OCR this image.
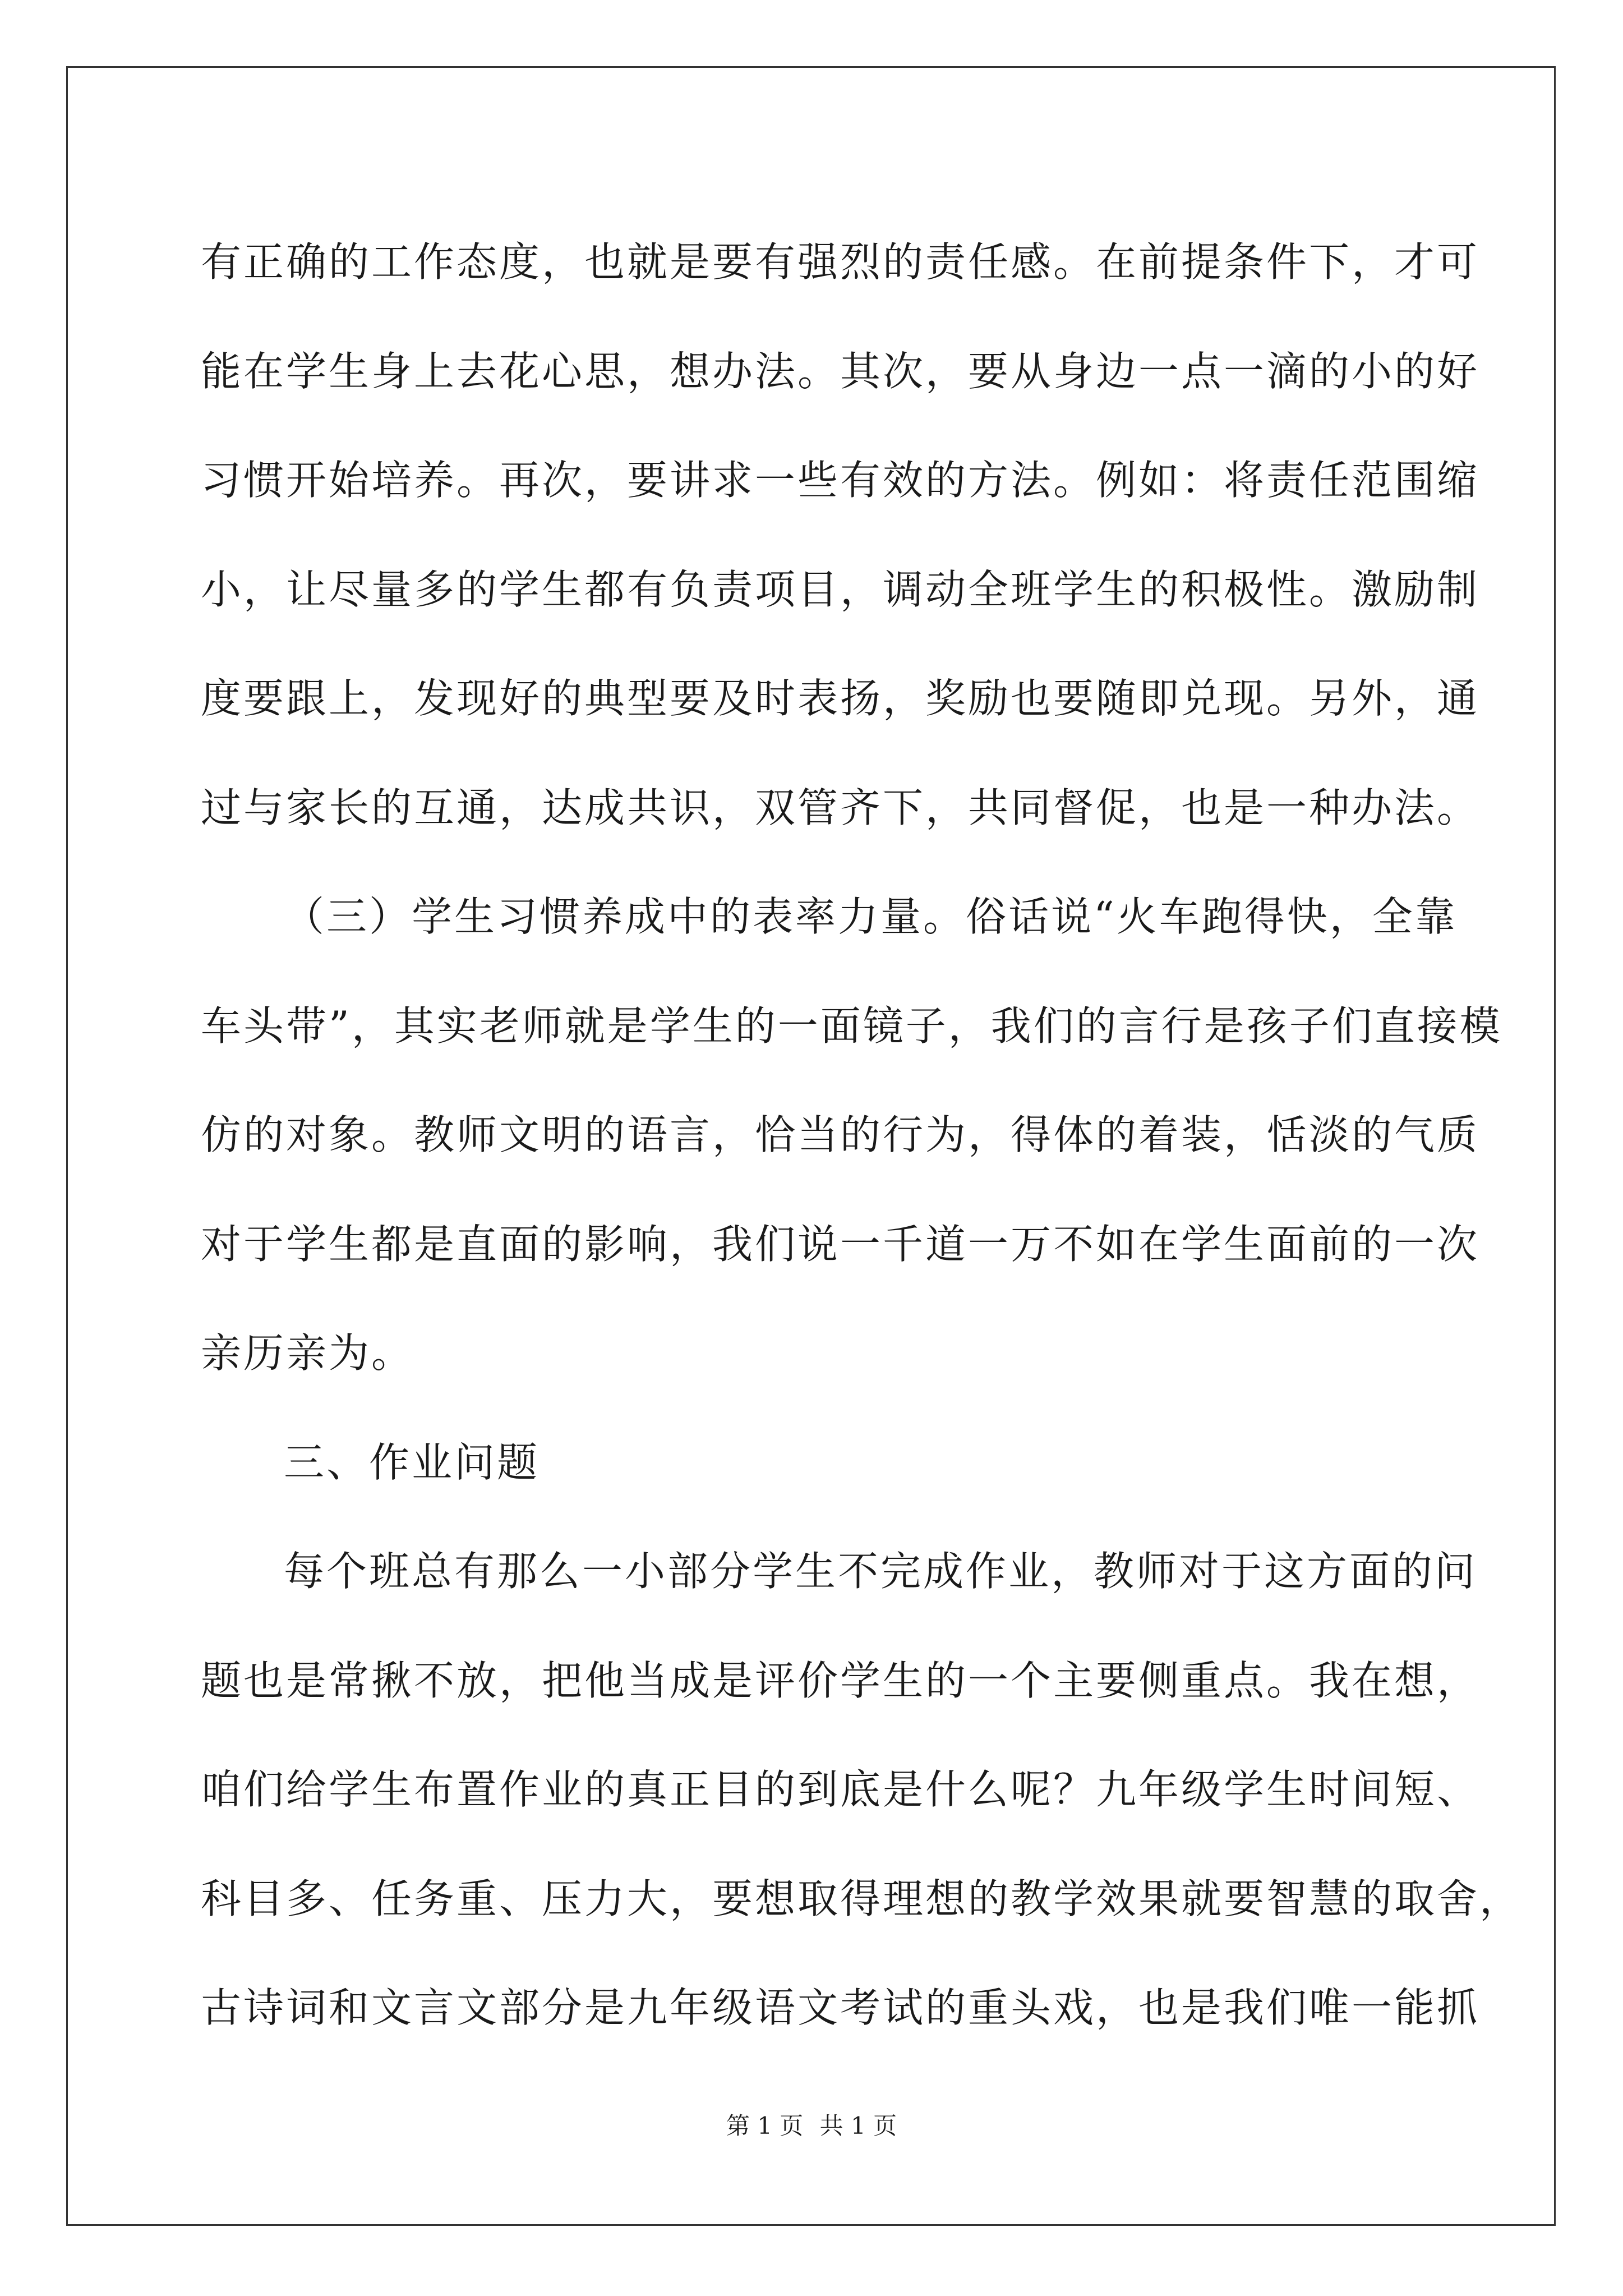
有正确的工作态度，也就是要有强烈的责任感。在前提条件下，才可
能在学生身上去花心思，想办法。其次，要从身边一点一滴的小的好
习惯开始培养。再次，要讲求一些有效的方法。例如：将责任范围缩
小，让尽量多的学生都有负责项目，调动全班学生的积极性。激励制
度要跟上，发现好的典型要及时表扬，奖励也要随即兑现。另外，通
过与家长的互通，达成共识，双管齐下，共同督促，也是一种办法。
（三）学生习惯养成中的表率力量。俗话说“火车跑得快，全靠
车头带”，其实老师就是学生的一面镜子，我们的言行是孩子们直接模
仿的对象。教师文明的语言，恰当的行为，得体的着装，恬淡的气质
对于学生都是直面的影响，我们说一千道一万不如在学生面前的一次
亲历亲为。
三、作业问题
每个班总有那么一小部分学生不完成作业，教师对于这方面的问
题也是常揪不放，把他当成是评价学生的一个主要侧重点。我在想，
咱们给学生布置作业的真正目的到底是什么呢？九年级学生时间短、
科目多、任务重、压力大，要想取得理想的教学效果就要智慧的取舍，
古诗词和文言文部分是九年级语文考试的重头戏，也是我们唯一能抓
第 1 页 共 1 页
